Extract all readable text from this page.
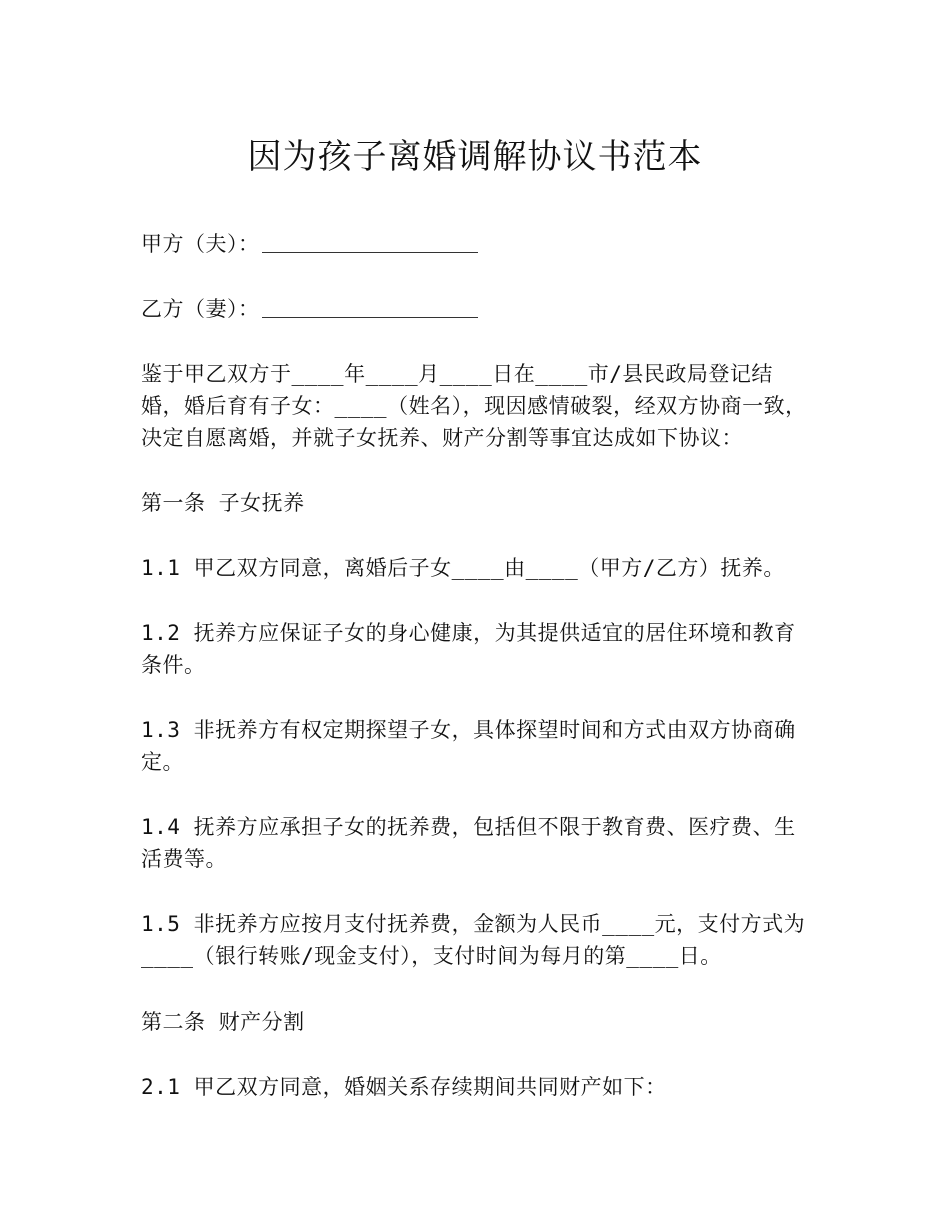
因为孩子离婚调解协议书范本
甲方（夫）：
乙方（妻）：
鉴于甲乙双方于____年____月____日在____市/县民政局登记结婚，婚后育有子女：____（姓名），现因感情破裂，经双方协商一致，决定自愿离婚，并就子女抚养、财产分割等事宜达成如下协议：
第一条 子女抚养
1.1 甲乙双方同意，离婚后子女____由____（甲方/乙方）抚养。
1.2 抚养方应保证子女的身心健康，为其提供适宜的居住环境和教育条件。
1.3 非抚养方有权定期探望子女，具体探望时间和方式由双方协商确定。
1.4 抚养方应承担子女的抚养费，包括但不限于教育费、医疗费、生活费等。
1.5 非抚养方应按月支付抚养费，金额为人民币____元，支付方式为____（银行转账/现金支付），支付时间为每月的第____日。
第二条 财产分割
2.1 甲乙双方同意，婚姻关系存续期间共同财产如下：
